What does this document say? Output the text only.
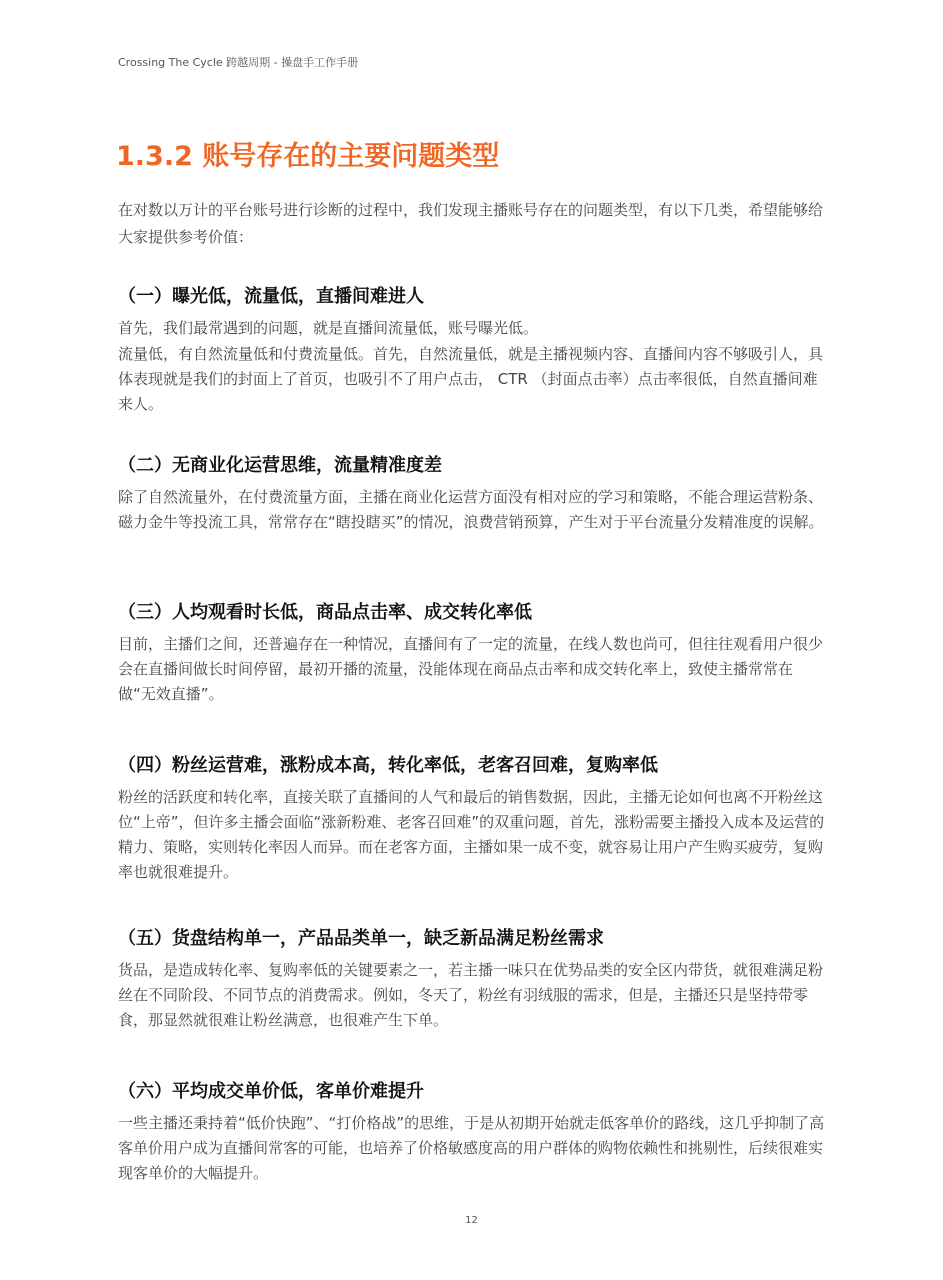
Crossing The Cycle 跨越周期 - 操盘手工作手册
1.3.2 账号存在的主要问题类型

在对数以万计的平台账号进行诊断的过程中，我们发现主播账号存在的问题类型，有以下几类，希望能够给大家提供参考价值：

（一）曝光低，流量低，直播间难进人

首先，我们最常遇到的问题，就是直播间流量低，账号曝光低。

流量低，有自然流量低和付费流量低。首先，自然流量低，就是主播视频内容、直播间内容不够吸引人，具体表现就是我们的封面上了首页，也吸引不了用户点击， CTR （封面点击率）点击率很低，自然直播间难来人。

（二）无商业化运营思维，流量精准度差

除了自然流量外，在付费流量方面，主播在商业化运营方面没有相对应的学习和策略，不能合理运营粉条、磁力金牛等投流工具，常常存在“瞎投瞎买”的情况，浪费营销预算，产生对于平台流量分发精准度的误解。

（三）人均观看时长低，商品点击率、成交转化率低

目前，主播们之间，还普遍存在一种情况，直播间有了一定的流量，在线人数也尚可，但往往观看用户很少会在直播间做长时间停留，最初开播的流量，没能体现在商品点击率和成交转化率上，致使主播常常在做“无效直播”。

（四）粉丝运营难，涨粉成本高，转化率低，老客召回难，复购率低

粉丝的活跃度和转化率，直接关联了直播间的人气和最后的销售数据，因此，主播无论如何也离不开粉丝这位“上帝”，但许多主播会面临“涨新粉难、老客召回难”的双重问题，首先，涨粉需要主播投入成本及运营的精力、策略，实则转化率因人而异。而在老客方面，主播如果一成不变，就容易让用户产生购买疲劳，复购率也就很难提升。

（五）货盘结构单一，产品品类单一，缺乏新品满足粉丝需求

货品，是造成转化率、复购率低的关键要素之一，若主播一味只在优势品类的安全区内带货，就很难满足粉丝在不同阶段、不同节点的消费需求。例如，冬天了，粉丝有羽绒服的需求，但是，主播还只是坚持带零食，那显然就很难让粉丝满意，也很难产生下单。

（六）平均成交单价低，客单价难提升

一些主播还秉持着“低价快跑”、“打价格战”的思维，于是从初期开始就走低客单价的路线，这几乎抑制了高客单价用户成为直播间常客的可能，也培养了价格敏感度高的用户群体的购物依赖性和挑剔性，后续很难实现客单价的大幅提升。

12
